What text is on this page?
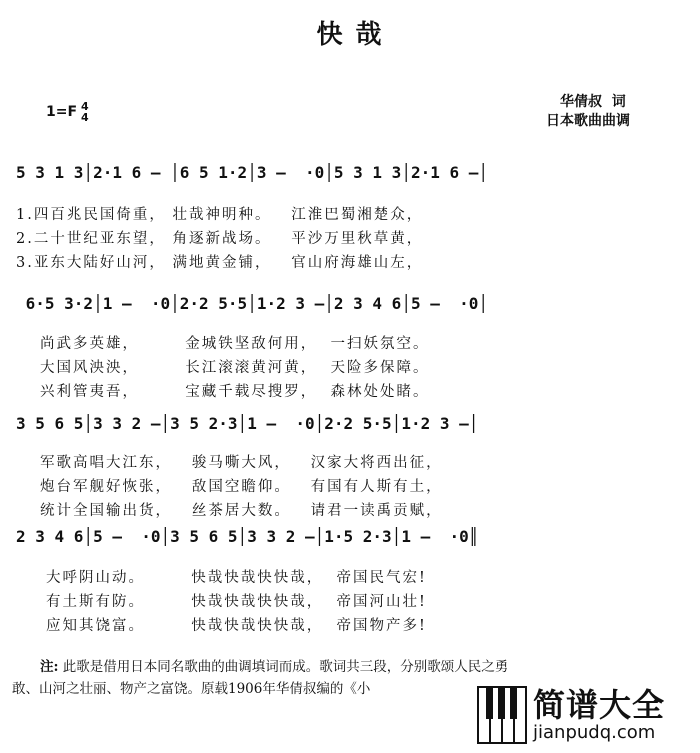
快 哉
1=F 4
4
华倩叔  词
日本歌曲曲调
5 3 1 3│2·1 6 — │6 5 1·2│3 —  ·0│5 3 1 3│2·1 6 —│
1.四百兆民国倚重， 壮哉神明种。   江淮巴蜀湘楚众，
2.二十世纪亚东望， 角逐新战场。   平沙万里秋草黄，
3.亚东大陆好山河， 满地黄金铺，   官山府海雄山左，
6·5 3·2│1 —  ·0│2·2 5·5│1·2 3 —│2 3 4 6│5 —  ·0│
尚武多英雄，       金城铁坚敌何用，  一扫妖氛空。
大国风泱泱，       长江滚滚黄河黄，  天险多保障。
兴利管夷吾，       宝藏千载尽搜罗，  森林处处睹。
3 5 6 5│3 3 2 —│3 5 2·3│1 —  ·0│2·2 5·5│1·2 3 —│
军歌高唱大江东，   骏马嘶大风，   汉家大将西出征，
炮台军舰好恢张，   敌国空瞻仰。   有国有人斯有土，
统计全国输出货，   丝茶居大数。   请君一读禹贡赋，
2 3 4 6│5 —  ·0│3 5 6 5│3 3 2 —│1·5 2·3│1 —  ·0║
大呼阴山动。       快哉快哉快快哉，  帝国民气宏!
有土斯有防。       快哉快哉快快哉，  帝国河山壮!
应知其饶富。       快哉快哉快快哉，  帝国物产多!
注: 此歌是借用日本同名歌曲的曲调填词而成。歌词共三段，分别歌颂人民之勇
敢、山河之壮丽、物产之富饶。原载1906年华倩叔编的《小	简谱大全
jianpudq.com
